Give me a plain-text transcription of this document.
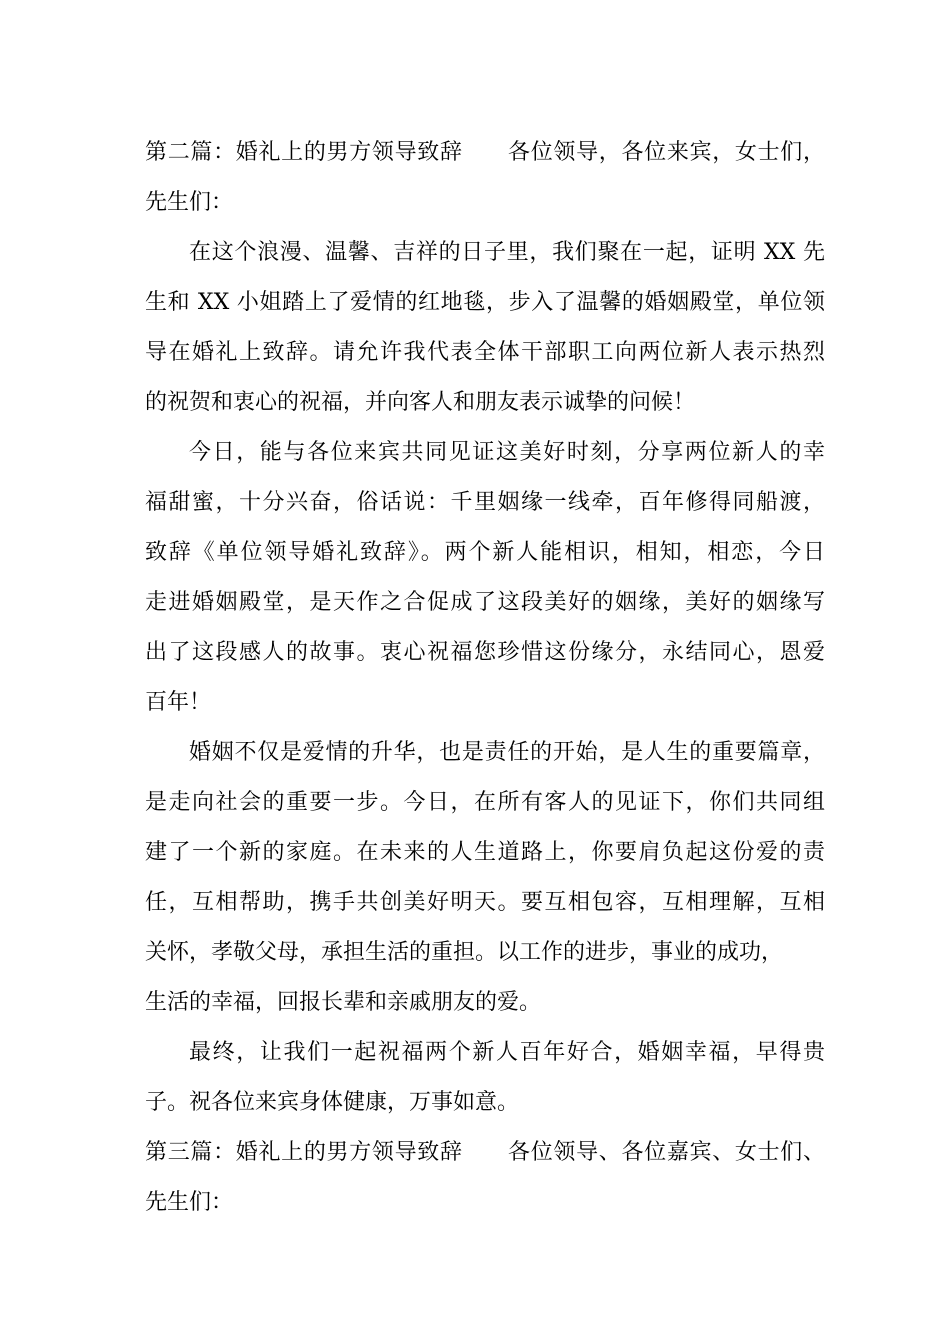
第二篇：婚礼上的男方领导致辞　　各位领导，各位来宾，女士们，
先生们：
在这个浪漫、温馨、吉祥的日子里，我们聚在一起，证明 XX 先
生和 XX 小姐踏上了爱情的红地毯，步入了温馨的婚姻殿堂，单位领
导在婚礼上致辞。请允许我代表全体干部职工向两位新人表示热烈
的祝贺和衷心的祝福，并向客人和朋友表示诚挚的问候！
今日，能与各位来宾共同见证这美好时刻，分享两位新人的幸
福甜蜜，十分兴奋，俗话说：千里姻缘一线牵，百年修得同船渡，
致辞《单位领导婚礼致辞》。两个新人能相识，相知，相恋，今日
走进婚姻殿堂，是天作之合促成了这段美好的姻缘，美好的姻缘写
出了这段感人的故事。衷心祝福您珍惜这份缘分，永结同心，恩爱
百年！
婚姻不仅是爱情的升华，也是责任的开始，是人生的重要篇章，
是走向社会的重要一步。今日，在所有客人的见证下，你们共同组
建了一个新的家庭。在未来的人生道路上，你要肩负起这份爱的责
任，互相帮助，携手共创美好明天。要互相包容，互相理解，互相
关怀，孝敬父母，承担生活的重担。以工作的进步，事业的成功，
生活的幸福，回报长辈和亲戚朋友的爱。
最终，让我们一起祝福两个新人百年好合，婚姻幸福，早得贵
子。祝各位来宾身体健康，万事如意。
第三篇：婚礼上的男方领导致辞　　各位领导、各位嘉宾、女士们、
先生们：
